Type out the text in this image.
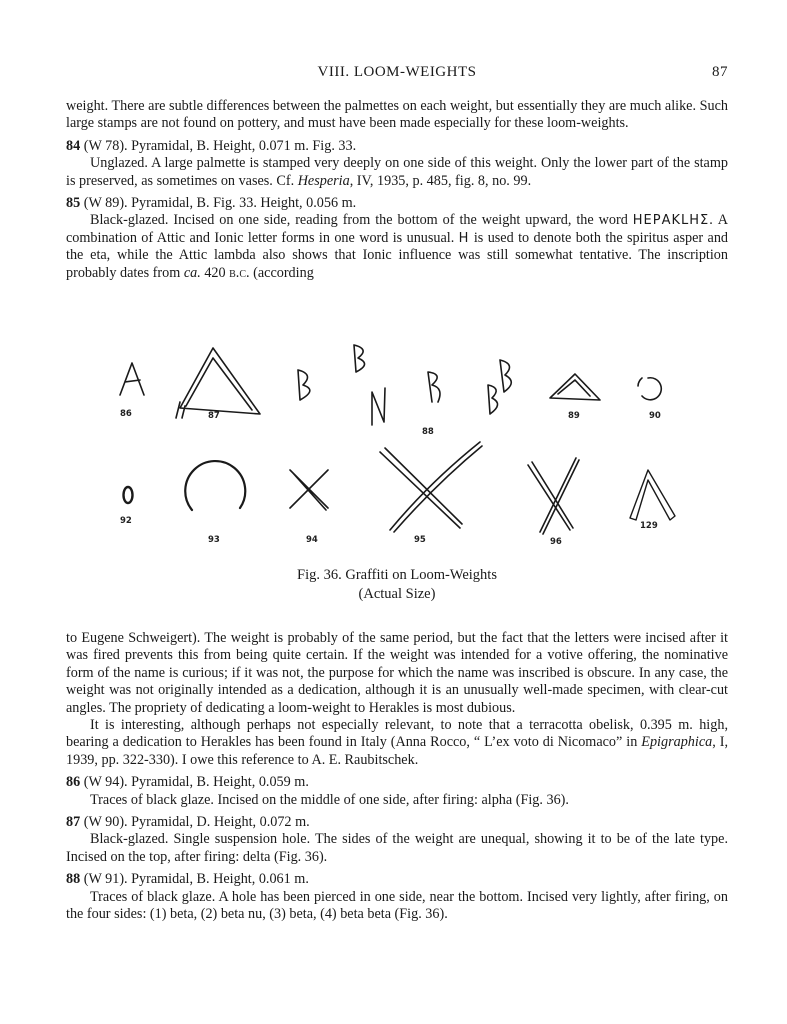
VIII. LOOM-WEIGHTS	87

weight. There are subtle differences between the palmettes on each weight, but essentially they are much alike. Such large stamps are not found on pottery, and must have been made especially for these loom-weights.

84 (W 78). Pyramidal, B. Height, 0.071 m. Fig. 33.

Unglazed. A large palmette is stamped very deeply on one side of this weight. Only the lower part of the stamp is preserved, as sometimes on vases. Cf. Hesperia, IV, 1935, p. 485, fig. 8, no. 99.

85 (W 89). Pyramidal, B. Fig. 33. Height, 0.056 m.

Black-glazed. Incised on one side, reading from the bottom of the weight upward, the word ΗΕΡΑΚLΗΣ. A combination of Attic and Ionic letter forms in one word is unusual. Η is used to denote both the spiritus asper and the eta, while the Attic lambda also shows that Ionic influence was still somewhat tentative. The inscription probably dates from ca. 420 b.c. (according

86	87
88
89	90
92
93	94	95	96
129
Fig. 36. Graffiti on Loom-Weights
(Actual Size)

to Eugene Schweigert). The weight is probably of the same period, but the fact that the letters were incised after it was fired prevents this from being quite certain. If the weight was intended for a votive offering, the nominative form of the name is curious; if it was not, the purpose for which the name was inscribed is obscure. In any case, the weight was not originally intended as a dedication, although it is an unusually well-made specimen, with clear-cut angles. The propriety of dedicating a loom-weight to Herakles is most dubious.

It is interesting, although perhaps not especially relevant, to note that a terracotta obelisk, 0.395 m. high, bearing a dedication to Herakles has been found in Italy (Anna Rocco, “ L’ex voto di Nicomaco” in Epigraphica, I, 1939, pp. 322-330). I owe this reference to A. E. Raubitschek.

86 (W 94). Pyramidal, B. Height, 0.059 m.

Traces of black glaze. Incised on the middle of one side, after firing: alpha (Fig. 36).

87 (W 90). Pyramidal, D. Height, 0.072 m.

Black-glazed. Single suspension hole. The sides of the weight are unequal, showing it to be of the late type. Incised on the top, after firing: delta (Fig. 36).

88 (W 91). Pyramidal, B. Height, 0.061 m.

Traces of black glaze. A hole has been pierced in one side, near the bottom. Incised very lightly, after firing, on the four sides: (1) beta, (2) beta nu, (3) beta, (4) beta beta (Fig. 36).
